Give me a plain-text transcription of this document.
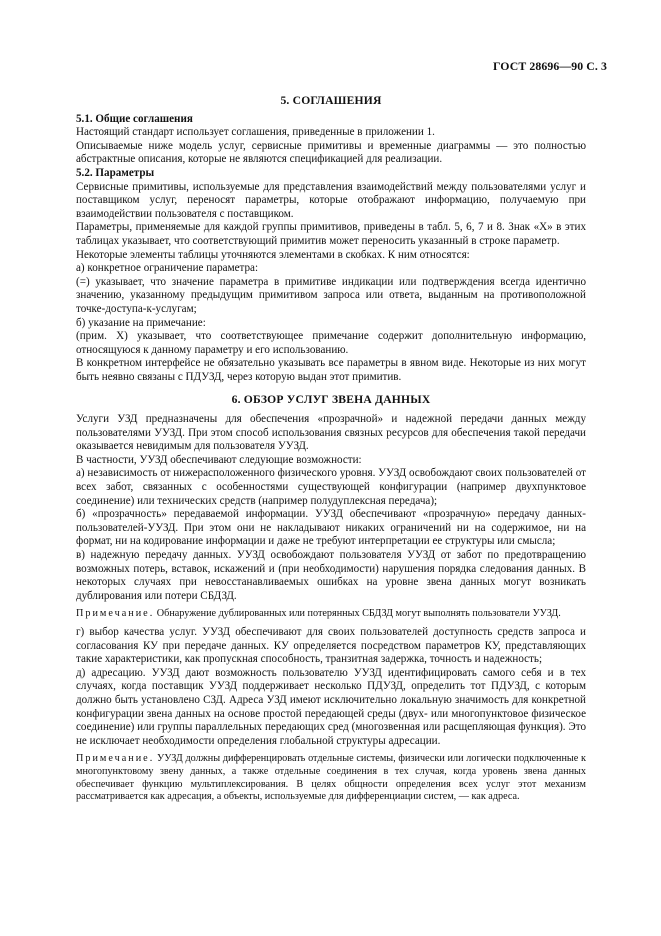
ГОСТ 28696—90 С. 3
5. СОГЛАШЕНИЯ

5.1. Общие соглашения

Настоящий стандарт использует соглашения, приведенные в приложении 1.

Описываемые ниже модель услуг, сервисные примитивы и временные диаграммы — это полностью абстрактные описания, которые не являются спецификацией для реализации.

5.2. Параметры

Сервисные примитивы, используемые для представления взаимодействий между пользователями услуг и поставщиком услуг, переносят параметры, которые отображают информацию, получаемую при взаимодействии пользователя с поставщиком.

Параметры, применяемые для каждой группы примитивов, приведены в табл. 5, 6, 7 и 8. Знак «Х» в этих таблицах указывает, что соответствующий примитив может переносить указанный в строке параметр.

Некоторые элементы таблицы уточняются элементами в скобках. К ним относятся:

а) конкретное ограничение параметра:

(=) указывает, что значение параметра в примитиве индикации или подтверждения всегда идентично значению, указанному предыдущим примитивом запроса или ответа, выданным на противоположной точке-доступа-к-услугам;

б) указание на примечание:

(прим. Х) указывает, что соответствующее примечание содержит дополнительную информацию, относящуюся к данному параметру и его использованию.

В конкретном интерфейсе не обязательно указывать все параметры в явном виде. Некоторые из них могут быть неявно связаны с ПДУЗД, через которую выдан этот примитив.

6. ОБЗОР УСЛУГ ЗВЕНА ДАННЫХ

Услуги УЗД предназначены для обеспечения «прозрачной» и надежной передачи данных между пользователями УУЗД. При этом способ использования связных ресурсов для обеспечения такой передачи оказывается невидимым для пользователя УУЗД.

В частности, УУЗД обеспечивают следующие возможности:

а) независимость от нижерасположенного физического уровня. УУЗД освобождают своих пользователей от всех забот, связанных с особенностями существующей конфигурации (например двухпунктовое соединение) или технических средств (например полудуплексная передача);

б) «прозрачность» передаваемой информации. УУЗД обеспечивают «прозрачную» передачу данных-пользователей-УУЗД. При этом они не накладывают никаких ограничений ни на содержимое, ни на формат, ни на кодирование информации и даже не требуют интерпретации ее структуры или смысла;

в) надежную передачу данных. УУЗД освобождают пользователя УУЗД от забот по предотвращению возможных потерь, вставок, искажений и (при необходимости) нарушения порядка следования данных. В некоторых случаях при невосстанавливаемых ошибках на уровне звена данных могут возникать дублирования или потери СБДЗД.

Примечание. Обнаружение дублированных или потерянных СБДЗД могут выполнять пользователи УУЗД.

г) выбор качества услуг. УУЗД обеспечивают для своих пользователей доступность средств запроса и согласования КУ при передаче данных. КУ определяется посредством параметров КУ, представляющих такие характеристики, как пропускная способность, транзитная задержка, точность и надежность;

д) адресацию. УУЗД дают возможность пользователю УУЗД идентифицировать самого себя и в тех случаях, когда поставщик УУЗД поддерживает несколько ПДУЗД, определить тот ПДУЗД, с которым должно быть установлено СЗД. Адреса УЗД имеют исключительно локальную значимость для конкретной конфигурации звена данных на основе простой передающей среды (двух- или многопунктовое физическое соединение) или группы параллельных передающих сред (многозвенная или расщепляющая функция). Это не исключает необходимости определения глобальной структуры адресации.

Примечание. УУЗД должны дифференцировать отдельные системы, физически или логически подключенные к многопунктовому звену данных, а также отдельные соединения в тех случая, когда уровень звена данных обеспечивает функцию мультиплексирования. В целях общности определения всех услуг этот механизм рассматривается как адресация, а объекты, используемые для дифференциации систем, — как адреса.
